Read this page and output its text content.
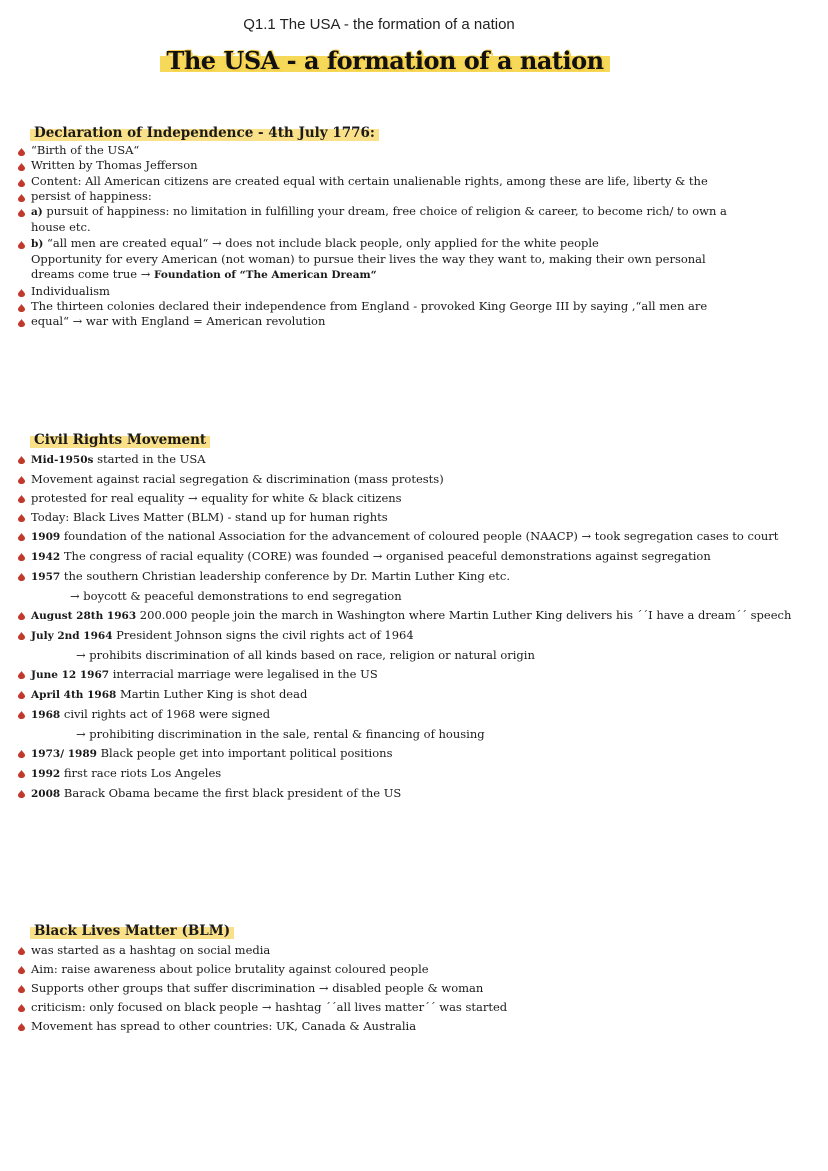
Q1.1 The USA - the formation of a nation
The USA - a formation of a nation
Declaration of Independence - 4th July 1776:
“Birth of the USA“
Written by Thomas Jefferson
Content: All American citizens are created equal with certain unalienable rights, among these are life, liberty & the
persist of happiness:
a) pursuit of happiness: no limitation in fulfilling your dream, free choice of religion & career, to become rich/ to own a
house etc.
b) “all men are created equal“ → does not include black people, only applied for the white people
Opportunity for every American (not woman) to pursue their lives the way they want to, making their own personal
dreams come true → Foundation of “The American Dream“
Individualism
The thirteen colonies declared their independence from England - provoked King George III by saying ,“all men are
equal“ → war with England = American revolution
Civil Rights Movement
Mid-1950s started in the USA
Movement against racial segregation & discrimination (mass protests)
protested for real equality → equality for white & black citizens
Today: Black Lives Matter (BLM) - stand up for human rights
1909 foundation of the national Association for the advancement of coloured people (NAACP) → took segregation cases to court
1942 The congress of racial equality (CORE) was founded → organised peaceful demonstrations against segregation
1957 the southern Christian leadership conference by Dr. Martin Luther King etc.
→ boycott & peaceful demonstrations to end segregation
August 28th 1963 200.000 people join the march in Washington where Martin Luther King delivers his ´´I have a dream´´ speech
July 2nd 1964 President Johnson signs the civil rights act of 1964
→ prohibits discrimination of all kinds based on race, religion or natural origin
June 12 1967 interracial marriage were legalised in the US
April 4th 1968 Martin Luther King is shot dead
1968 civil rights act of 1968 were signed
→ prohibiting discrimination in the sale, rental & financing of housing
1973/ 1989 Black people get into important political positions
1992 first race riots Los Angeles
2008 Barack Obama became the first black president of the US
Black Lives Matter (BLM)
was started as a hashtag on social media
Aim: raise awareness about police brutality against coloured people
Supports other groups that suffer discrimination → disabled people & woman
criticism: only focused on black people → hashtag ´´all lives matter´´ was started
Movement has spread to other countries: UK, Canada & Australia
